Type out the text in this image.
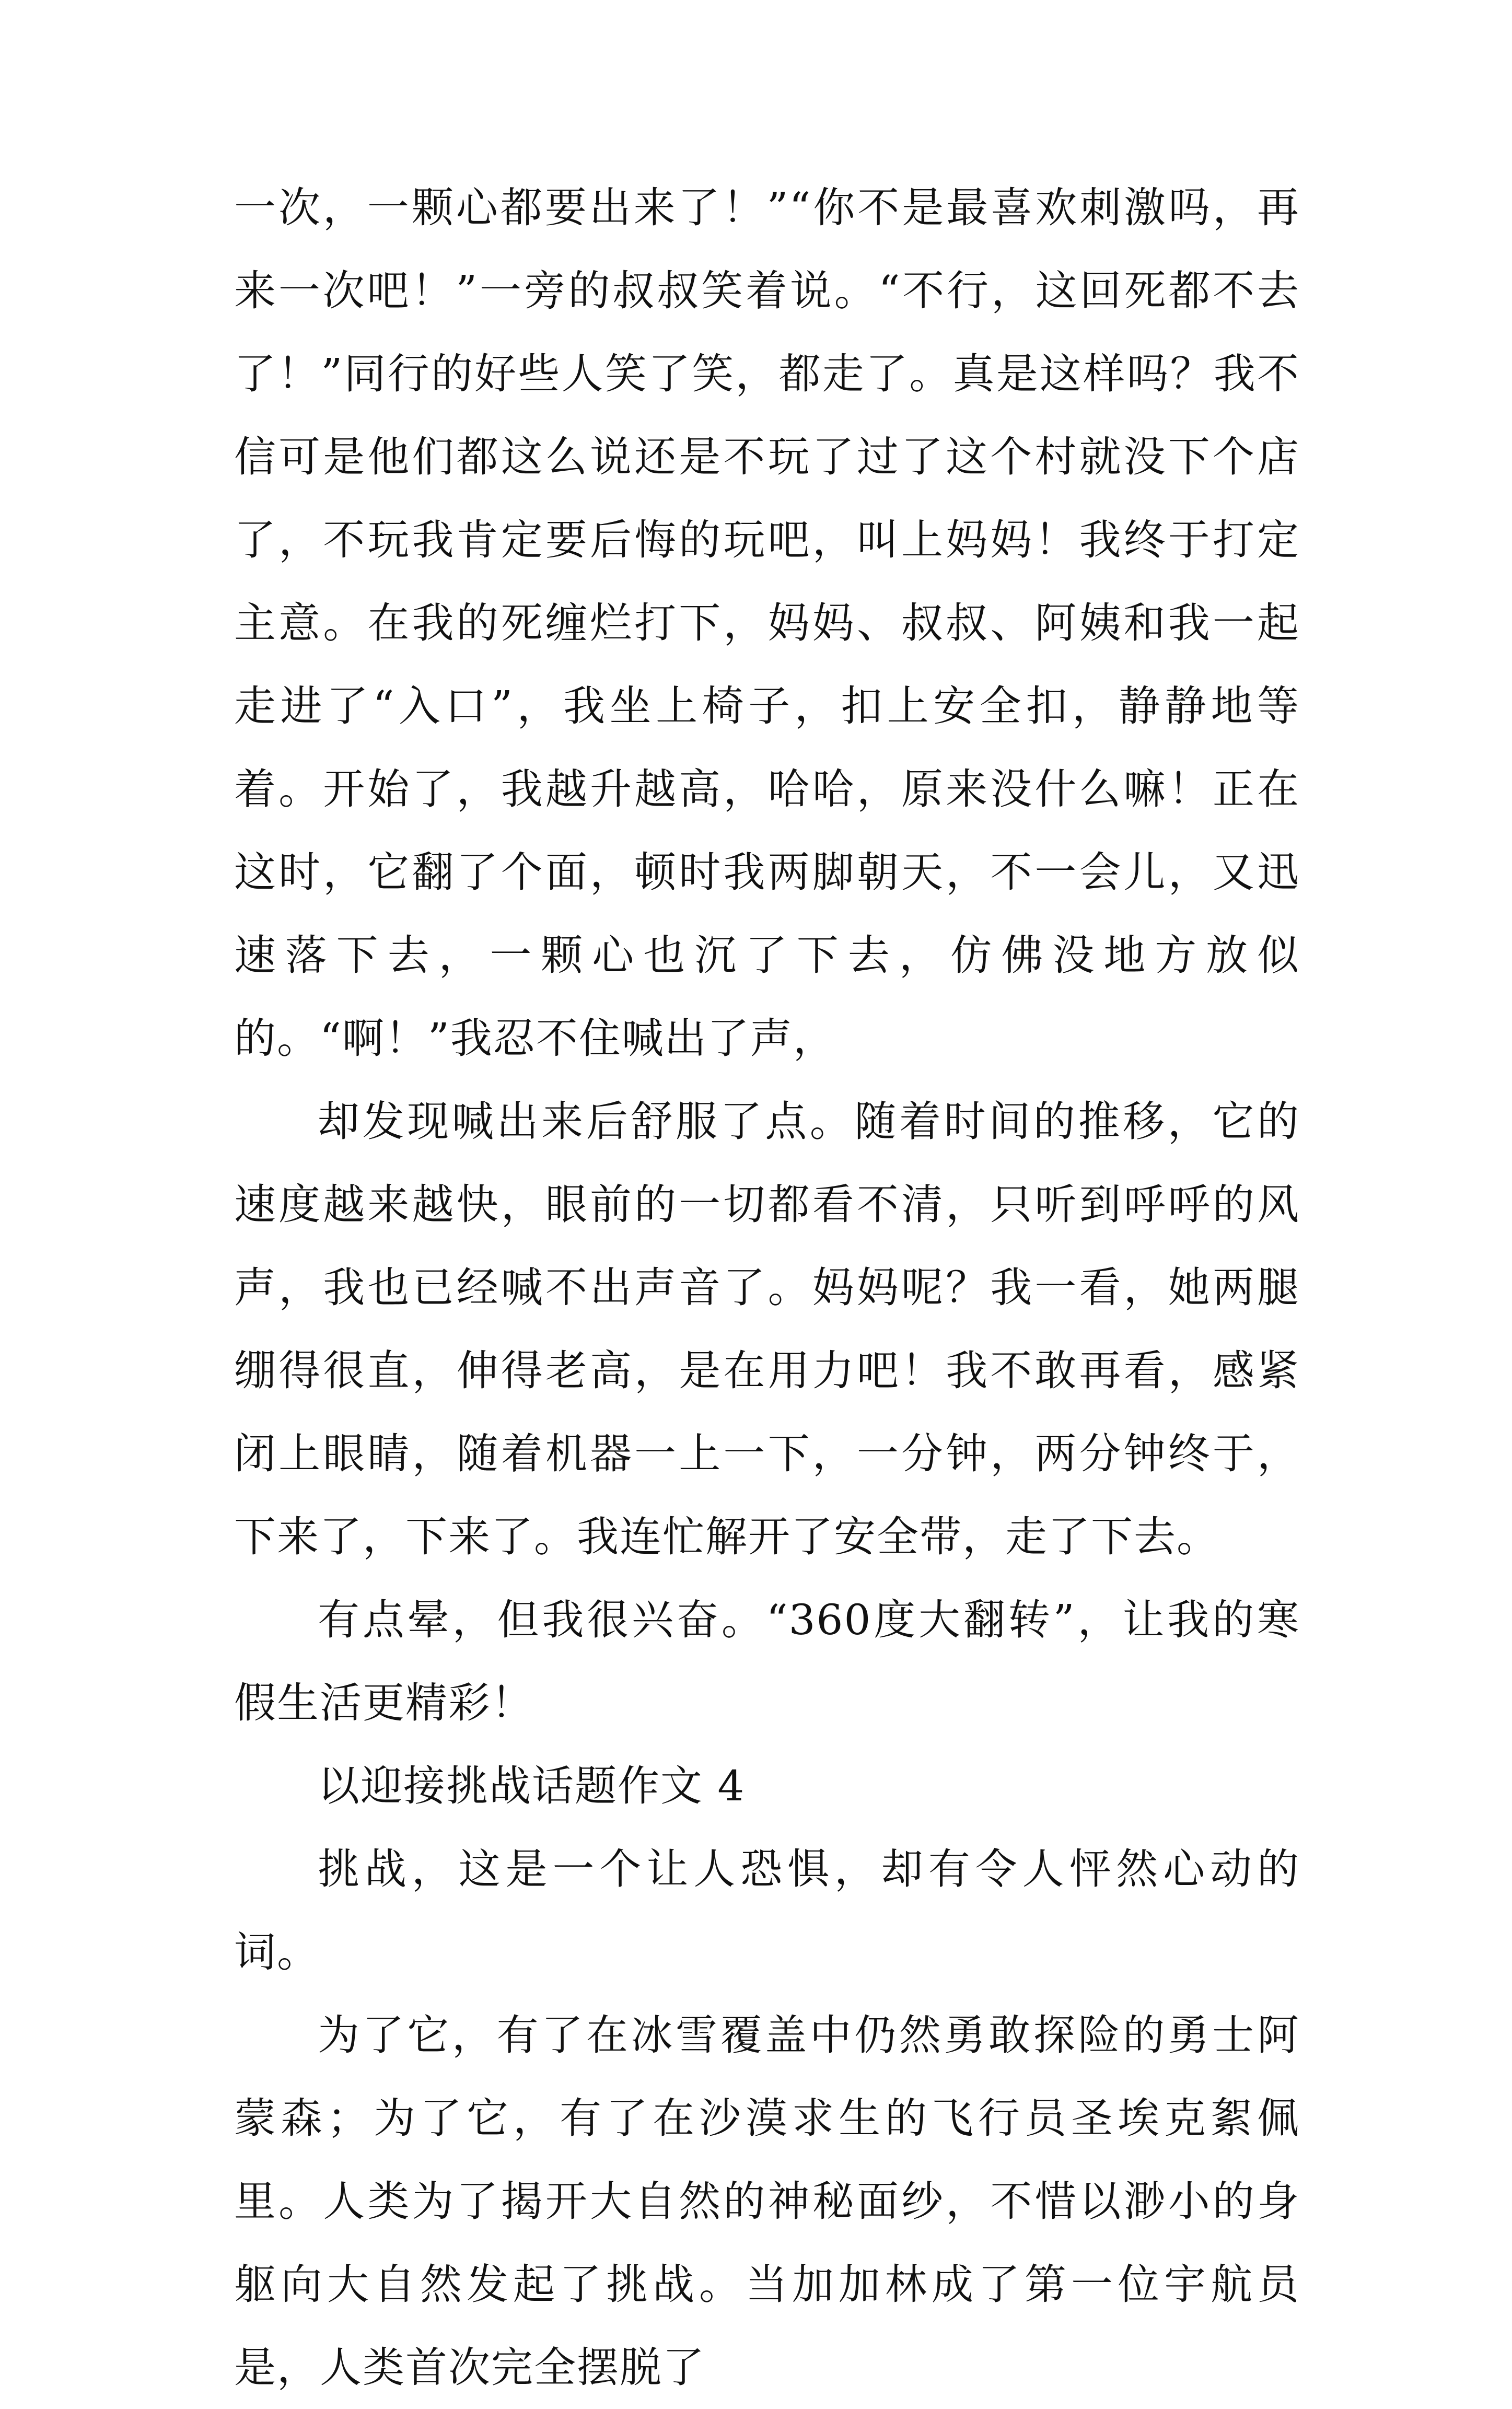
一次，一颗心都要出来了！”“你不是最喜欢刺激吗，再来一次吧！”一旁的叔叔笑着说。“不行，这回死都不去了！”同行的好些人笑了笑，都走了。真是这样吗？我不信可是他们都这么说还是不玩了过了这个村就没下个店了，不玩我肯定要后悔的玩吧，叫上妈妈！我终于打定主意。在我的死缠烂打下，妈妈、叔叔、阿姨和我一起走进了“入口”，我坐上椅子，扣上安全扣，静静地等着。开始了，我越升越高，哈哈，原来没什么嘛！正在这时，它翻了个面，顿时我两脚朝天，不一会儿，又迅速落下去，一颗心也沉了下去，仿佛没地方放似的。“啊！”我忍不住喊出了声，

却发现喊出来后舒服了点。随着时间的推移，它的速度越来越快，眼前的一切都看不清，只听到呼呼的风声，我也已经喊不出声音了。妈妈呢？我一看，她两腿绷得很直，伸得老高，是在用力吧！我不敢再看，感紧闭上眼睛，随着机器一上一下，一分钟，两分钟终于，下来了，下来了。我连忙解开了安全带，走了下去。

有点晕，但我很兴奋。“360度大翻转”，让我的寒假生活更精彩！

以迎接挑战话题作文 4

挑战，这是一个让人恐惧，却有令人怦然心动的词。

为了它，有了在冰雪覆盖中仍然勇敢探险的勇士阿蒙森；为了它，有了在沙漠求生的飞行员圣埃克絮佩里。人类为了揭开大自然的神秘面纱，不惜以渺小的身躯向大自然发起了挑战。当加加林成了第一位宇航员是，人类首次完全摆脱了
